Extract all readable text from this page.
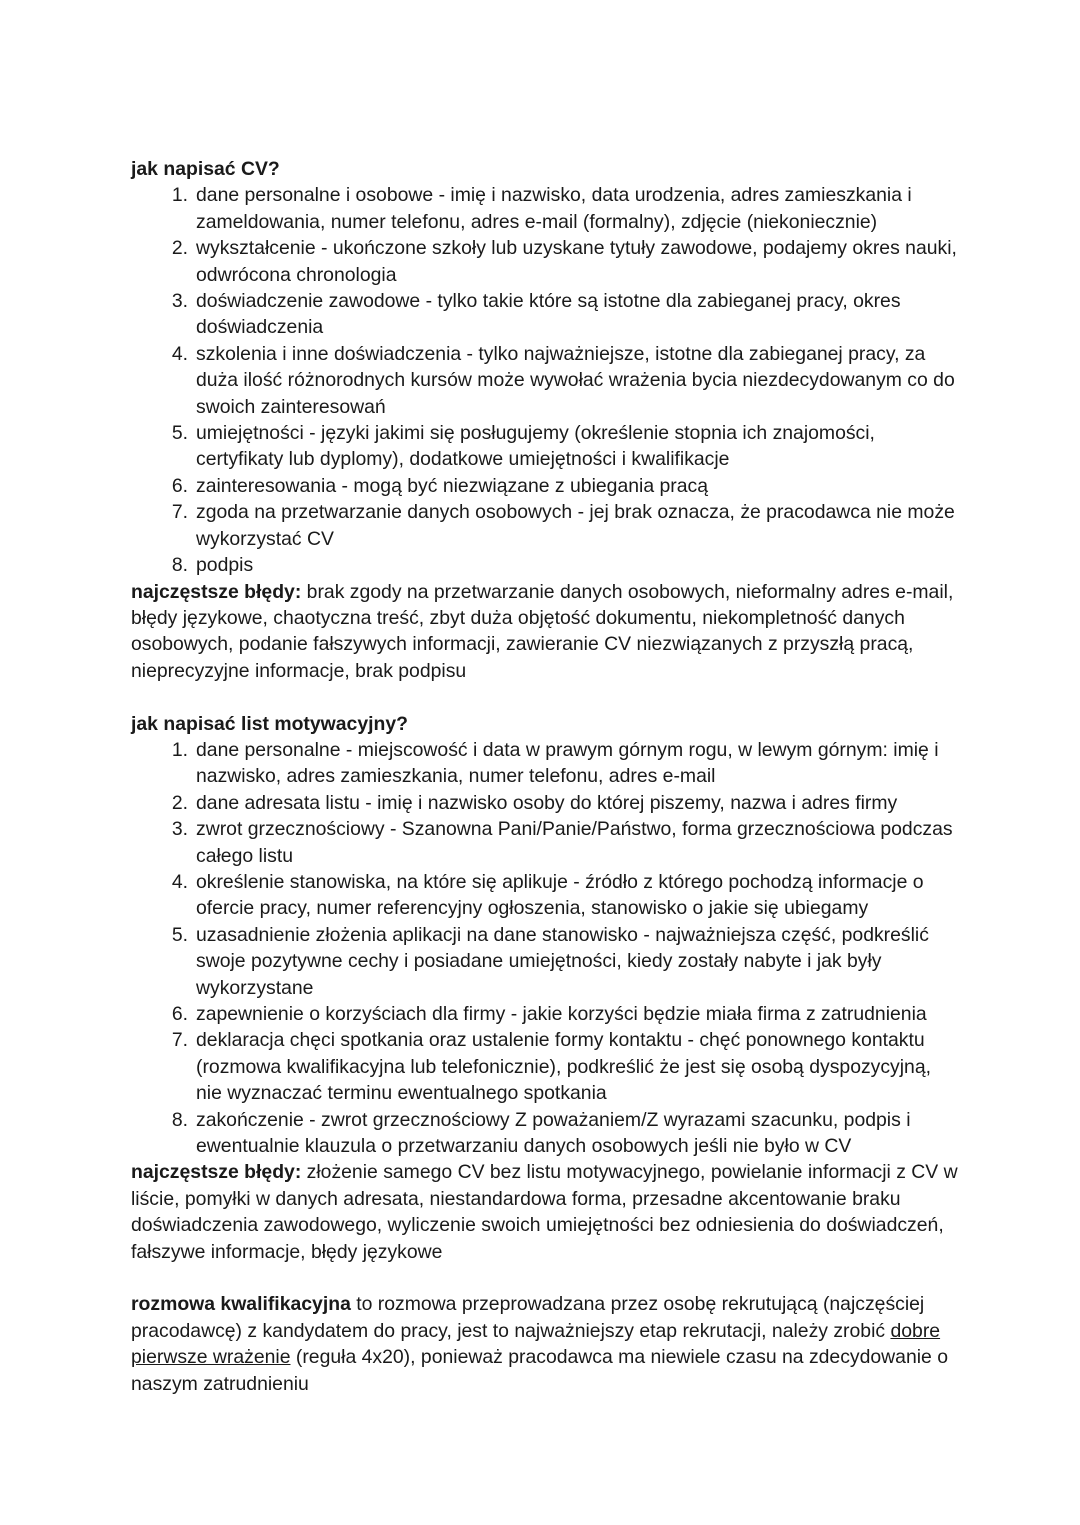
jak napisać CV?
1. dane personalne i osobowe - imię i nazwisko, data urodzenia, adres zamieszkania i zameldowania, numer telefonu, adres e-mail (formalny), zdjęcie (niekoniecznie)
2. wykształcenie - ukończone szkoły lub uzyskane tytuły zawodowe, podajemy okres nauki, odwrócona chronologia
3. doświadczenie zawodowe - tylko takie które są istotne dla zabieganej pracy, okres doświadczenia
4. szkolenia i inne doświadczenia - tylko najważniejsze, istotne dla zabieganej pracy, za duża ilość różnorodnych kursów może wywołać wrażenia bycia niezdecydowanym co do swoich zainteresowań
5. umiejętności - języki jakimi się posługujemy (określenie stopnia ich znajomości, certyfikaty lub dyplomy), dodatkowe umiejętności i kwalifikacje
6. zainteresowania - mogą być niezwiązane z ubiegania pracą
7. zgoda na przetwarzanie danych osobowych - jej brak oznacza, że pracodawca nie może wykorzystać CV
8. podpis
najczęstsze błędy: brak zgody na przetwarzanie danych osobowych, nieformalny adres e-mail, błędy językowe, chaotyczna treść, zbyt duża objętość dokumentu, niekompletność danych osobowych, podanie fałszywych informacji, zawieranie CV niezwiązanych z przyszłą pracą, nieprecyzyjne informacje, brak podpisu
jak napisać list motywacyjny?
1. dane personalne - miejscowość i data w prawym górnym rogu, w lewym górnym: imię i nazwisko, adres zamieszkania, numer telefonu, adres e-mail
2. dane adresata listu - imię i nazwisko osoby do której piszemy, nazwa i adres firmy
3. zwrot grzecznościowy - Szanowna Pani/Panie/Państwo, forma grzecznościowa podczas całego listu
4. określenie stanowiska, na które się aplikuje - źródło z którego pochodzą informacje o ofercie pracy, numer referencyjny ogłoszenia, stanowisko o jakie się ubiegamy
5. uzasadnienie złożenia aplikacji na dane stanowisko - najważniejsza część, podkreślić swoje pozytywne cechy i posiadane umiejętności, kiedy zostały nabyte i jak były wykorzystane
6. zapewnienie o korzyściach dla firmy - jakie korzyści będzie miała firma z zatrudnienia
7. deklaracja chęci spotkania oraz ustalenie formy kontaktu - chęć ponownego kontaktu (rozmowa kwalifikacyjna lub telefonicznie), podkreślić że jest się osobą dyspozycyjną, nie wyznaczać terminu ewentualnego spotkania
8. zakończenie - zwrot grzecznościowy Z poważaniem/Z wyrazami szacunku, podpis i ewentualnie klauzula o przetwarzaniu danych osobowych jeśli nie było w CV
najczęstsze błędy: złożenie samego CV bez listu motywacyjnego, powielanie informacji z CV w liście, pomyłki w danych adresata, niestandardowa forma, przesadne akcentowanie braku doświadczenia zawodowego, wyliczenie swoich umiejętności bez odniesienia do doświadczeń, fałszywe informacje, błędy językowe
rozmowa kwalifikacyjna to rozmowa przeprowadzana przez osobę rekrutującą (najczęściej pracodawcę) z kandydatem do pracy, jest to najważniejszy etap rekrutacji, należy zrobić dobre pierwsze wrażenie (reguła 4x20), ponieważ pracodawca ma niewiele czasu na zdecydowanie o naszym zatrudnieniu
